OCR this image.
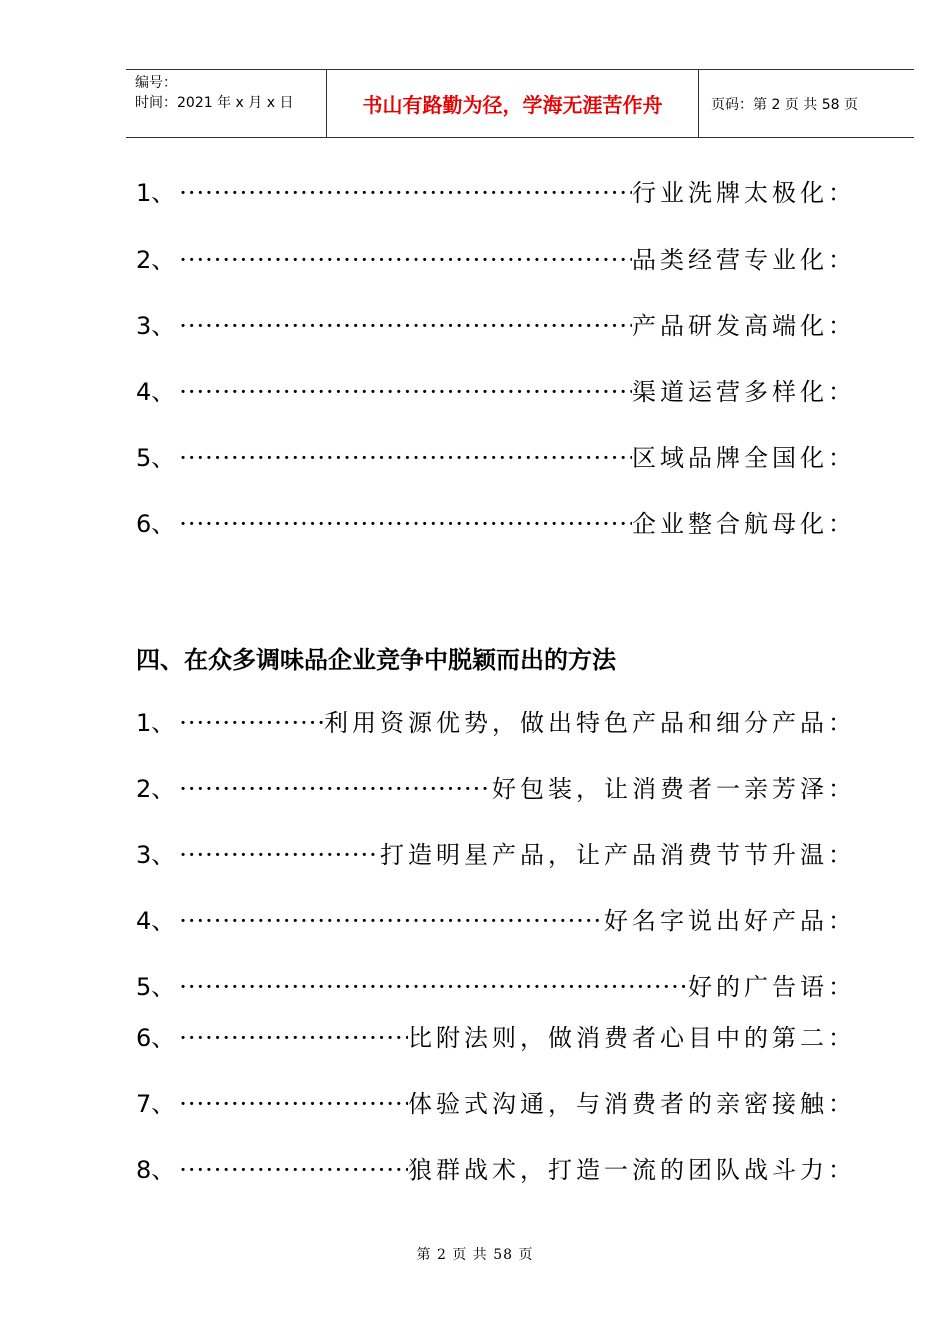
编号：
时间：2021 年 x 月 x 日	书山有路勤为径，学海无涯苦作舟	页码：第 2 页 共 58 页
1、 ·····	行业洗牌太极化：
2、 ·····	品类经营专业化：
3、 ·····	产品研发高端化：
4、 ·····	渠道运营多样化：
5、 ·····	区域品牌全国化：
6、 ·····	企业整合航母化：
四、在众多调味品企业竞争中脱颖而出的方法
1、 ·····	利用资源优势，做出特色产品和细分产品：
2、 ·····	好包装，让消费者一亲芳泽：
3、 ·····	打造明星产品，让产品消费节节升温：
4、 ·····	好名字说出好产品：
5、 ·····	好的广告语：
6、 ·····	比附法则，做消费者心目中的第二：
7、 ·····	体验式沟通，与消费者的亲密接触：
8、 ·····	狼群战术，打造一流的团队战斗力：
第 2 页 共 58 页
